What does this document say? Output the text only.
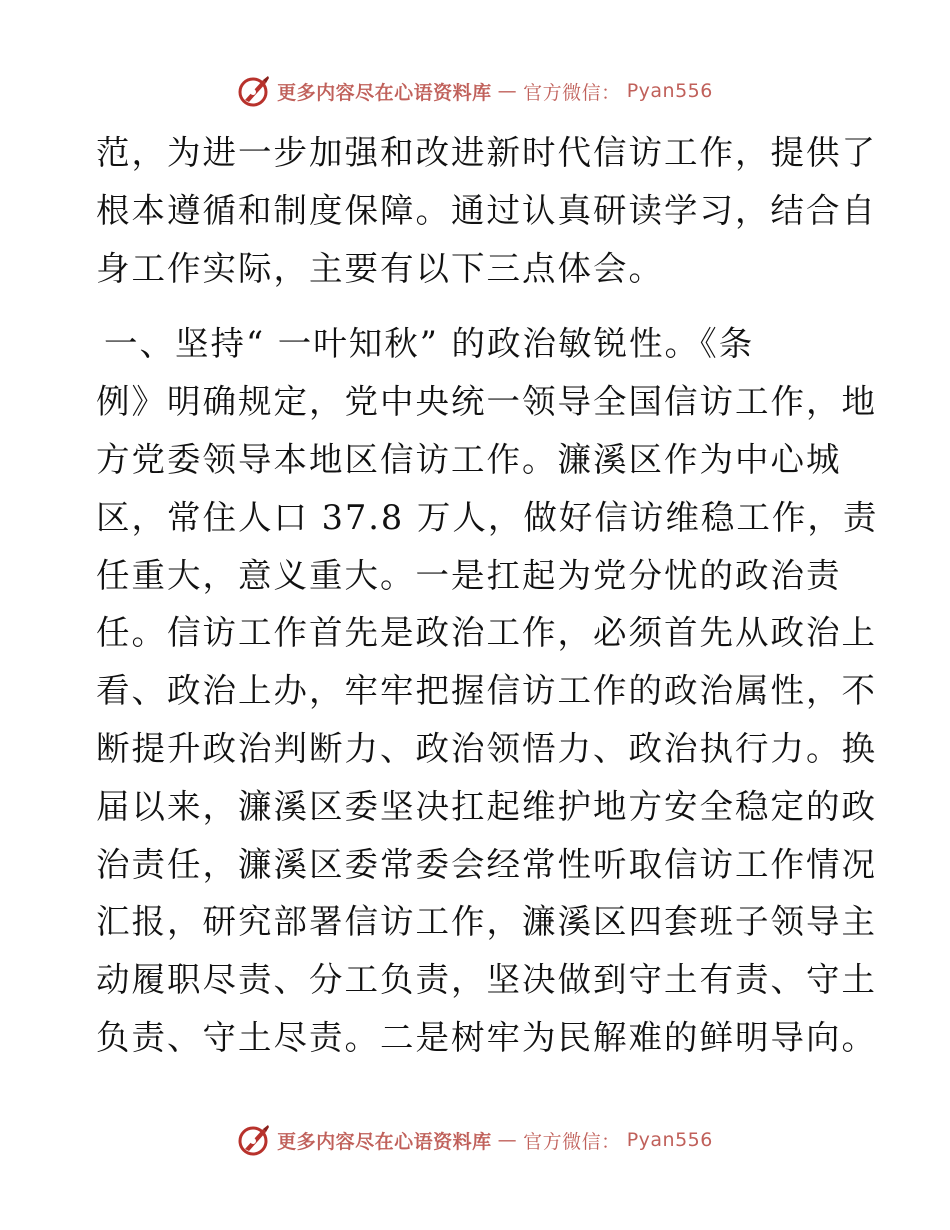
更多内容尽在心语资料库 — 官方微信： Pyan556
范，为进一步加强和改进新时代信访工作，提供了
根本遵循和制度保障。通过认真研读学习，结合自
身工作实际，主要有以下三点体会。
一、坚持“ 一叶知秋” 的政治敏锐性。《条
例》明确规定，党中央统一领导全国信访工作，地
方党委领导本地区信访工作。濂溪区作为中心城
区，常住人口 37.8 万人，做好信访维稳工作，责
任重大，意义重大。一是扛起为党分忧的政治责
任。信访工作首先是政治工作，必须首先从政治上
看、政治上办，牢牢把握信访工作的政治属性，不
断提升政治判断力、政治领悟力、政治执行力。换
届以来，濂溪区委坚决扛起维护地方安全稳定的政
治责任，濂溪区委常委会经常性听取信访工作情况
汇报，研究部署信访工作，濂溪区四套班子领导主
动履职尽责、分工负责，坚决做到守土有责、守土
负责、守土尽责。二是树牢为民解难的鲜明导向。
更多内容尽在心语资料库 — 官方微信： Pyan556
